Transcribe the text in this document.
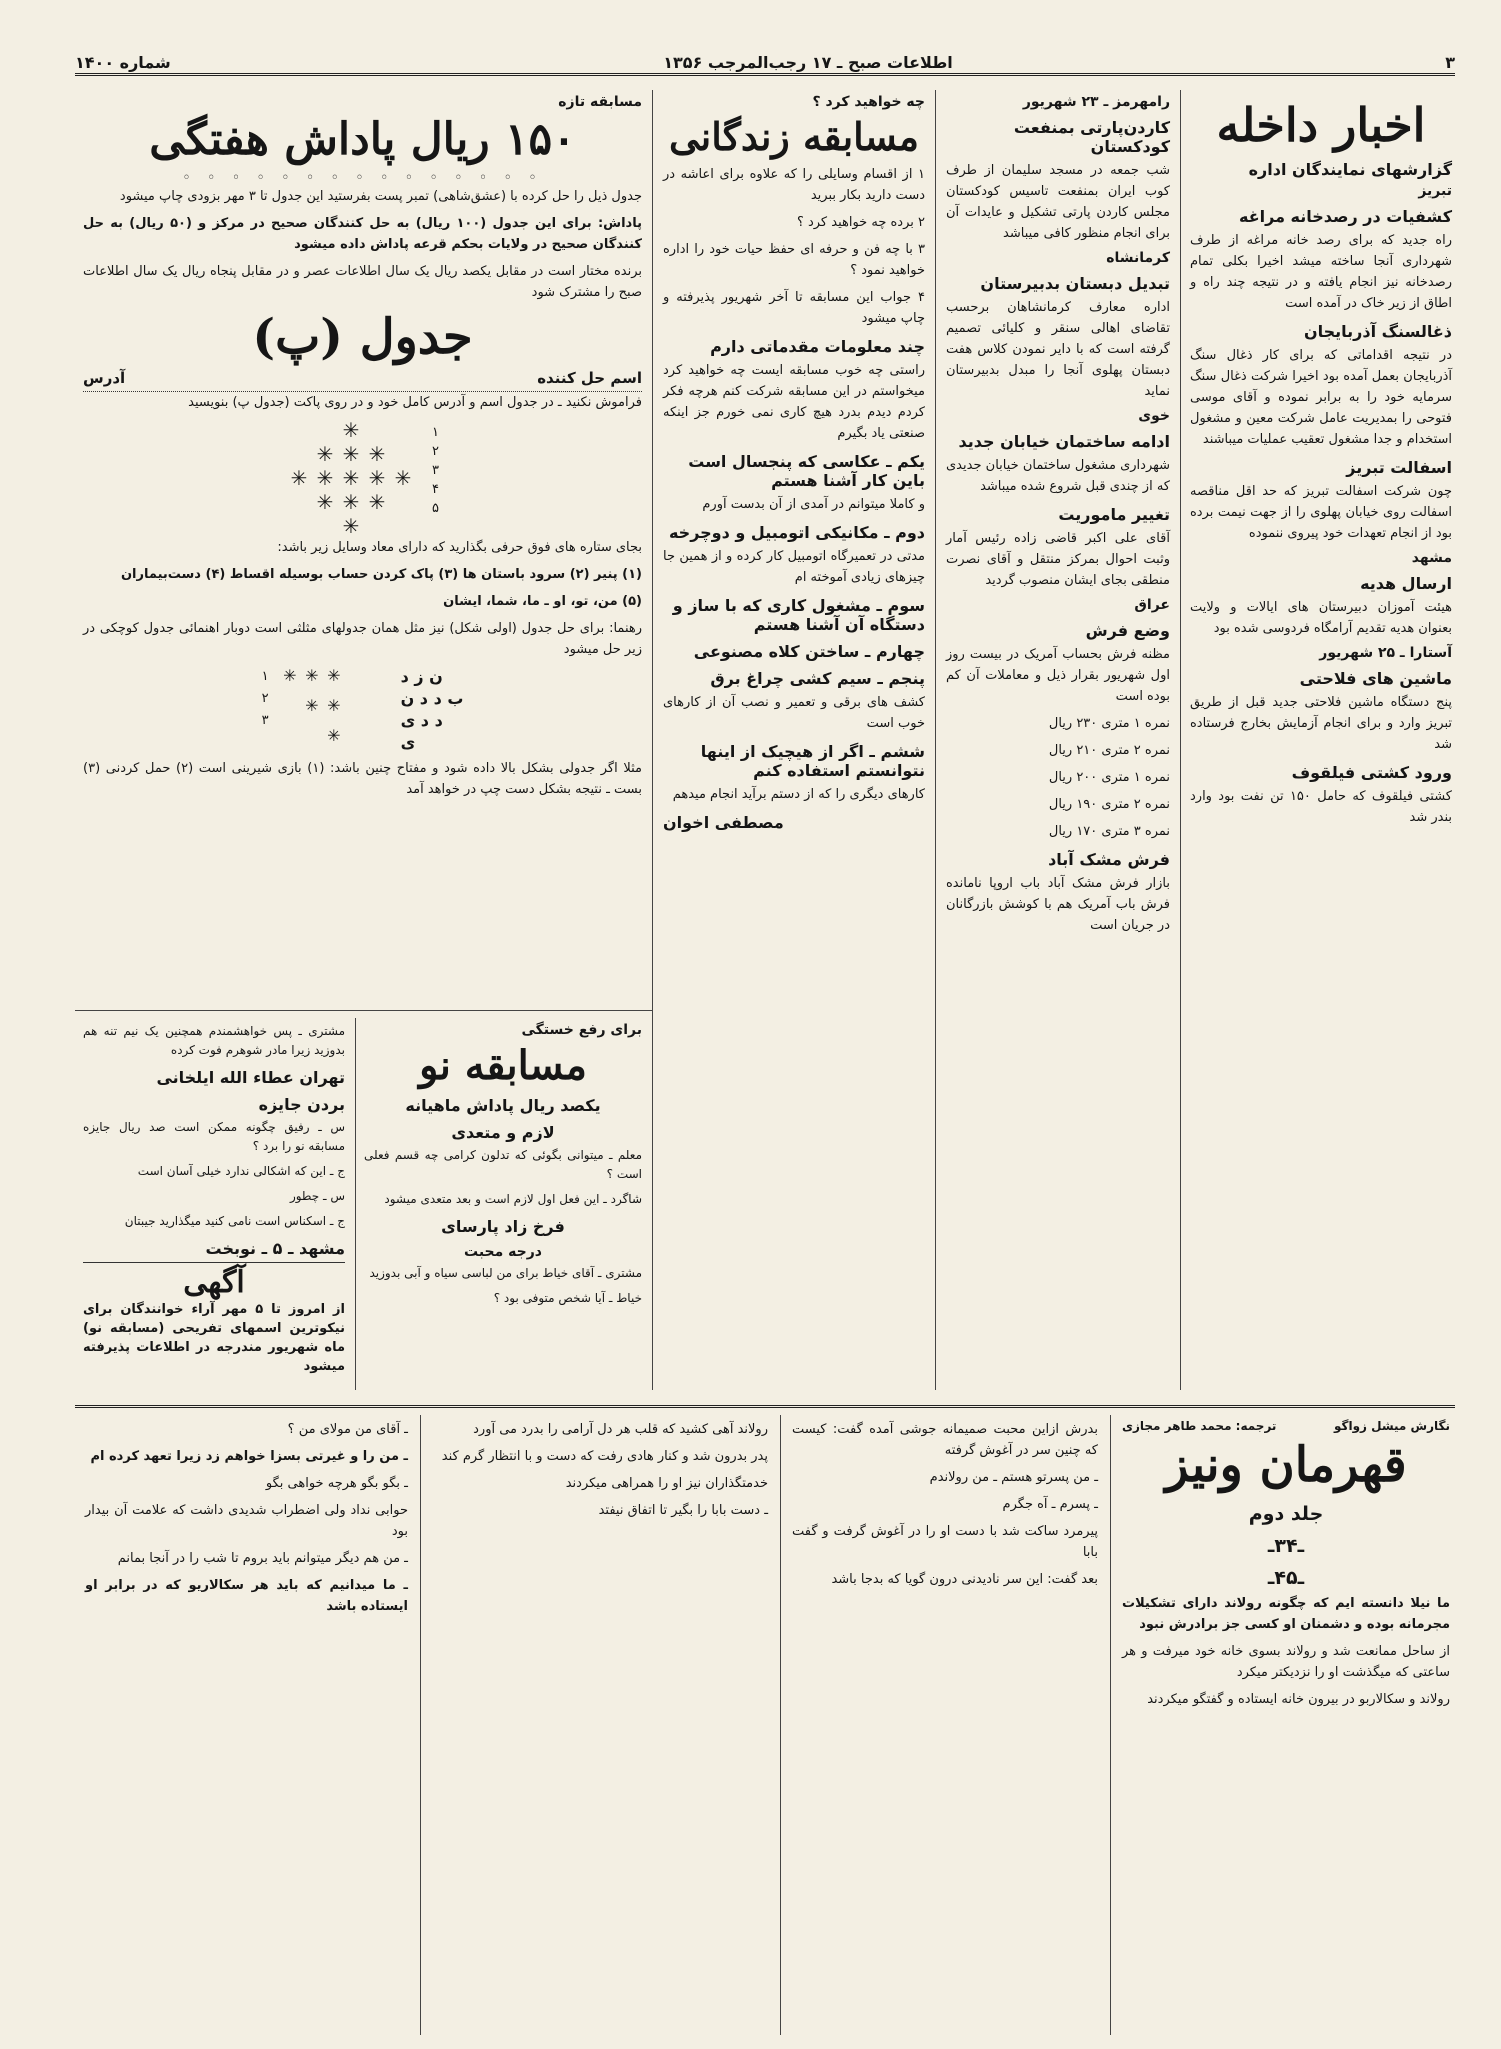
۳
اطلاعات صبح ـ ۱۷ رجب‌المرجب ۱۳۵۶
شماره ۱۴۰۰
اخبار داخله
گزارشهای نمایندگان اداره
تبریز
کشفیات در رصدخانه مراغه

راه جدید که برای رصد خانه مراغه از طرف شهرداری آنجا ساخته میشد اخیرا بکلی تمام رصدخانه نیز انجام یافته و در نتیجه چند راه و اطاق از زیر خاک در آمده است

ذغالسنگ آذربایجان

در نتیجه اقداماتی که برای کار ذغال سنگ آذربایجان بعمل آمده بود اخیرا شرکت ذغال سنگ سرمایه خود را به برابر نموده و آقای موسی فتوحی را بمدیریت عامل شرکت معین و مشغول استخدام و جدا مشغول تعقیب عملیات میباشند

اسفالت تبریز

چون شرکت اسفالت تبریز که حد اقل مناقصه اسفالت روی خیابان پهلوی را از جهت نیمت برده بود از انجام تعهدات خود پیروی ننموده

مشهد
ارسال هدیه

هیئت آموزان دبیرستان های ایالات و ولایت بعنوان هدیه تقدیم آرامگاه فردوسی شده بود

آستارا ـ ۲۵ شهریور
ماشین های فلاحتی

پنج دستگاه ماشین فلاحتی جدید قبل از طریق تبریز وارد و برای انجام آزمایش بخارج فرستاده شد

ورود کشتی فیلقوف

کشتی فیلقوف که حامل ۱۵۰ تن نفت بود وارد بندر شد

رامهرمز ـ ۲۳ شهریور
کاردن‌پارتی بمنفعت کودکستان

شب جمعه در مسجد سلیمان از طرف کوب ایران بمنفعت تاسیس کودکستان مجلس کاردن پارتی تشکیل و عایدات آن برای انجام منظور کافی میباشد

کرمانشاه
تبدیل دبستان بدبیرستان

اداره معارف کرمانشاهان برحسب تقاضای اهالی سنقر و کلیائی تصمیم گرفته است که با دایر نمودن کلاس هفت دبستان پهلوی آنجا را مبدل بدبیرستان نماید

خوی
ادامه ساختمان خیابان جدید

شهرداری مشغول ساختمان خیابان جدیدی که از چندی قبل شروع شده میباشد

تغییر ماموریت

آقای علی اکبر قاضی زاده رئیس آمار وثبت احوال بمرکز منتقل و آقای نصرت منطقی بجای ایشان منصوب گردید

عراق
وضع فرش

مظنه فرش بحساب آمریک در بیست روز اول شهریور بقرار ذیل و معاملات آن کم بوده است

نمره ۱ متری ۲۳۰ ریال
نمره ۲ متری ۲۱۰ ریال
نمره ۱ متری ۲۰۰ ریال
نمره ۲ متری ۱۹۰ ریال
نمره ۳ متری ۱۷۰ ریال
فرش مشک آباد

بازار فرش مشک آباد باب اروپا نامانده فرش باب آمریک هم با کوشش بازرگانان در جریان است

چه خواهید کرد ؟
مسابقه زندگانی

۱ از اقسام وسایلی را که علاوه برای اعاشه در دست دارید بکار ببرید

۲ برده چه خواهید کرد ؟

۳ با چه فن و حرفه ای حفظ حیات خود را اداره خواهید نمود ؟

۴ جواب این مسابقه تا آخر شهریور پذیرفته و چاپ میشود

چند معلومات مقدماتی دارم

راستی چه خوب مسابقه ایست چه خواهید کرد میخواستم در این مسابقه شرکت کنم هرچه فکر کردم دیدم بدرد هیچ کاری نمی خورم جز اینکه صنعتی یاد بگیرم

یکم ـ عکاسی که پنجسال است باین کار آشنا هستم

و کاملا میتوانم در آمدی از آن بدست آورم

دوم ـ مکانیکی اتومبیل و دوچرخه

مدتی در تعمیرگاه اتومبیل کار کرده و از همین جا چیزهای زیادی آموخته ام

سوم ـ مشغول کاری که با ساز و دستگاه آن آشنا هستم
چهارم ـ ساختن کلاه مصنوعی
پنجم ـ سیم کشی چراغ برق

کشف های برقی و تعمیر و نصب آن از کارهای خوب است

ششم ـ اگر از هیچیک از اینها نتوانستم استفاده کنم

کارهای دیگری را که از دستم برآید انجام میدهم

مصطفی اخوان
مسابقه تازه
۱۵۰ ریال پاداش هفتگی
◦ ◦ ◦ ◦ ◦ ◦ ◦ ◦ ◦ ◦ ◦ ◦ ◦ ◦ ◦

جدول ذیل را حل کرده با (عشق‌شاهی) تمبر پست بفرستید این جدول تا ۳ مهر بزودی چاپ میشود

پاداش: برای این جدول (۱۰۰ ریال) به حل کنندگان صحیح در مرکز و (۵۰ ریال) به حل کنندگان صحیح در ولایات بحکم قرعه پاداش داده میشود

برنده مختار است در مقابل یکصد ریال یک سال اطلاعات عصر و در مقابل پنجاه ریال یک سال اطلاعات صبح را مشترک شود

جدول (پ)
اسم حل کننده
آدرس

فراموش نکنید ـ در جدول اسم و آدرس کامل خود و در روی پاکت (جدول پ) بنویسید

۱
۲
۳
۴
۵
✳
✳
✳
✳
✳
✳
✳
✳
✳
✳
✳
✳
✳

بجای ستاره های فوق حرفی بگذارید که دارای معاد وسایل زیر باشد:

(۱) پنیر (۲) سرود باستان ها (۳) پاک کردن حساب بوسیله اقساط (۴) دست‌بیماران

(۵) من، تو، او ـ ما، شما، ایشان

رهنما: برای حل جدول (اولی شکل) نیز مثل همان جدولهای مثلثی است دوبار اهنمائی جدول کوچکی در زیر حل میشود

ن ز د
ب د د ن
د د ی
ی
✳
✳
✳
✳
✳
✳
۱
۲
۳

مثلا اگر جدولی بشکل بالا داده شود و مفتاح چنین باشد: (۱) بازی شیرینی است (۲) حمل کردنی (۳) بست ـ نتیجه بشکل دست چپ در خواهد آمد

برای رفع خستگی
مسابقه نو
یکصد ریال پاداش ماهیانه
لازم و متعدی

معلم ـ میتوانی بگوئی که تدلون کرامی چه قسم فعلی است ؟

شاگرد ـ این فعل اول لازم است و بعد متعدی میشود

فرخ زاد پارسای
درجه محبت

مشتری ـ آقای خیاط برای من لباسی سیاه و آبی بدوزید

خیاط ـ آیا شخص متوفی بود ؟

مشتری ـ پس خواهشمندم همچنین یک نیم تنه هم بدوزید زیرا مادر شوهرم فوت کرده

تهران عطاء الله ایلخانی
بردن جایزه

س ـ رفیق چگونه ممکن است صد ریال جایزه مسابقه نو را برد ؟

ج ـ این که اشکالی ندارد خیلی آسان است

س ـ چطور

ج ـ اسکناس است نامی کنید میگذارید جیبتان

مشهد ـ ۵ ـ نوبخت
آگهی

از امروز تا ۵ مهر آراء خوانندگان برای نیکوترین اسمهای تفریحی (مسابقه نو) ماه شهریور مندرجه در اطلاعات پذیرفته میشود

نگارش میشل زواگو
ترجمه: محمد طاهر مجازی
قهرمان ونیز
جلد دوم
ـ۳۴ـ
ـ۴۵ـ

ما نیلا دانسته ایم که چگونه رولاند دارای تشکیلات مجرمانه بوده و دشمنان او کسی جز برادرش نبود

از ساحل ممانعت شد و رولاند بسوی خانه خود میرفت و هر ساعتی که میگذشت او را نزدیکتر میکرد

رولاند و سکالاربو در بیرون خانه ایستاده و گفتگو میکردند

بدرش ازاین محبت صمیمانه جوشی آمده گفت: کیست که چنین سر در آغوش گرفته

ـ من پسرتو هستم ـ من رولاندم

ـ پسرم ـ آه جگرم

پیرمرد ساکت شد با دست او را در آغوش گرفت و گفت بابا

بعد گفت: این سر نادیدنی درون گویا که بدجا باشد

رولاند آهی کشید که قلب هر دل آرامی را بدرد می آورد

پدر بدرون شد و کنار هادی رفت که دست و با انتظار گرم کند

خدمتگذاران نیز او را همراهی میکردند

ـ دست بابا را بگیر تا اتفاق نیفتد

ـ آقای من مولای من ؟

ـ من را و غیرتی بسزا خواهم زد زیرا تعهد کرده ام

ـ بگو بگو هرچه خواهی بگو

حوابی نداد ولی اضطراب شدیدی داشت که علامت آن بیدار بود

ـ من هم دیگر میتوانم باید بروم تا شب را در آنجا بمانم

ـ ما میدانیم که باید هر سکالاریو که در برابر او ایستاده باشد
